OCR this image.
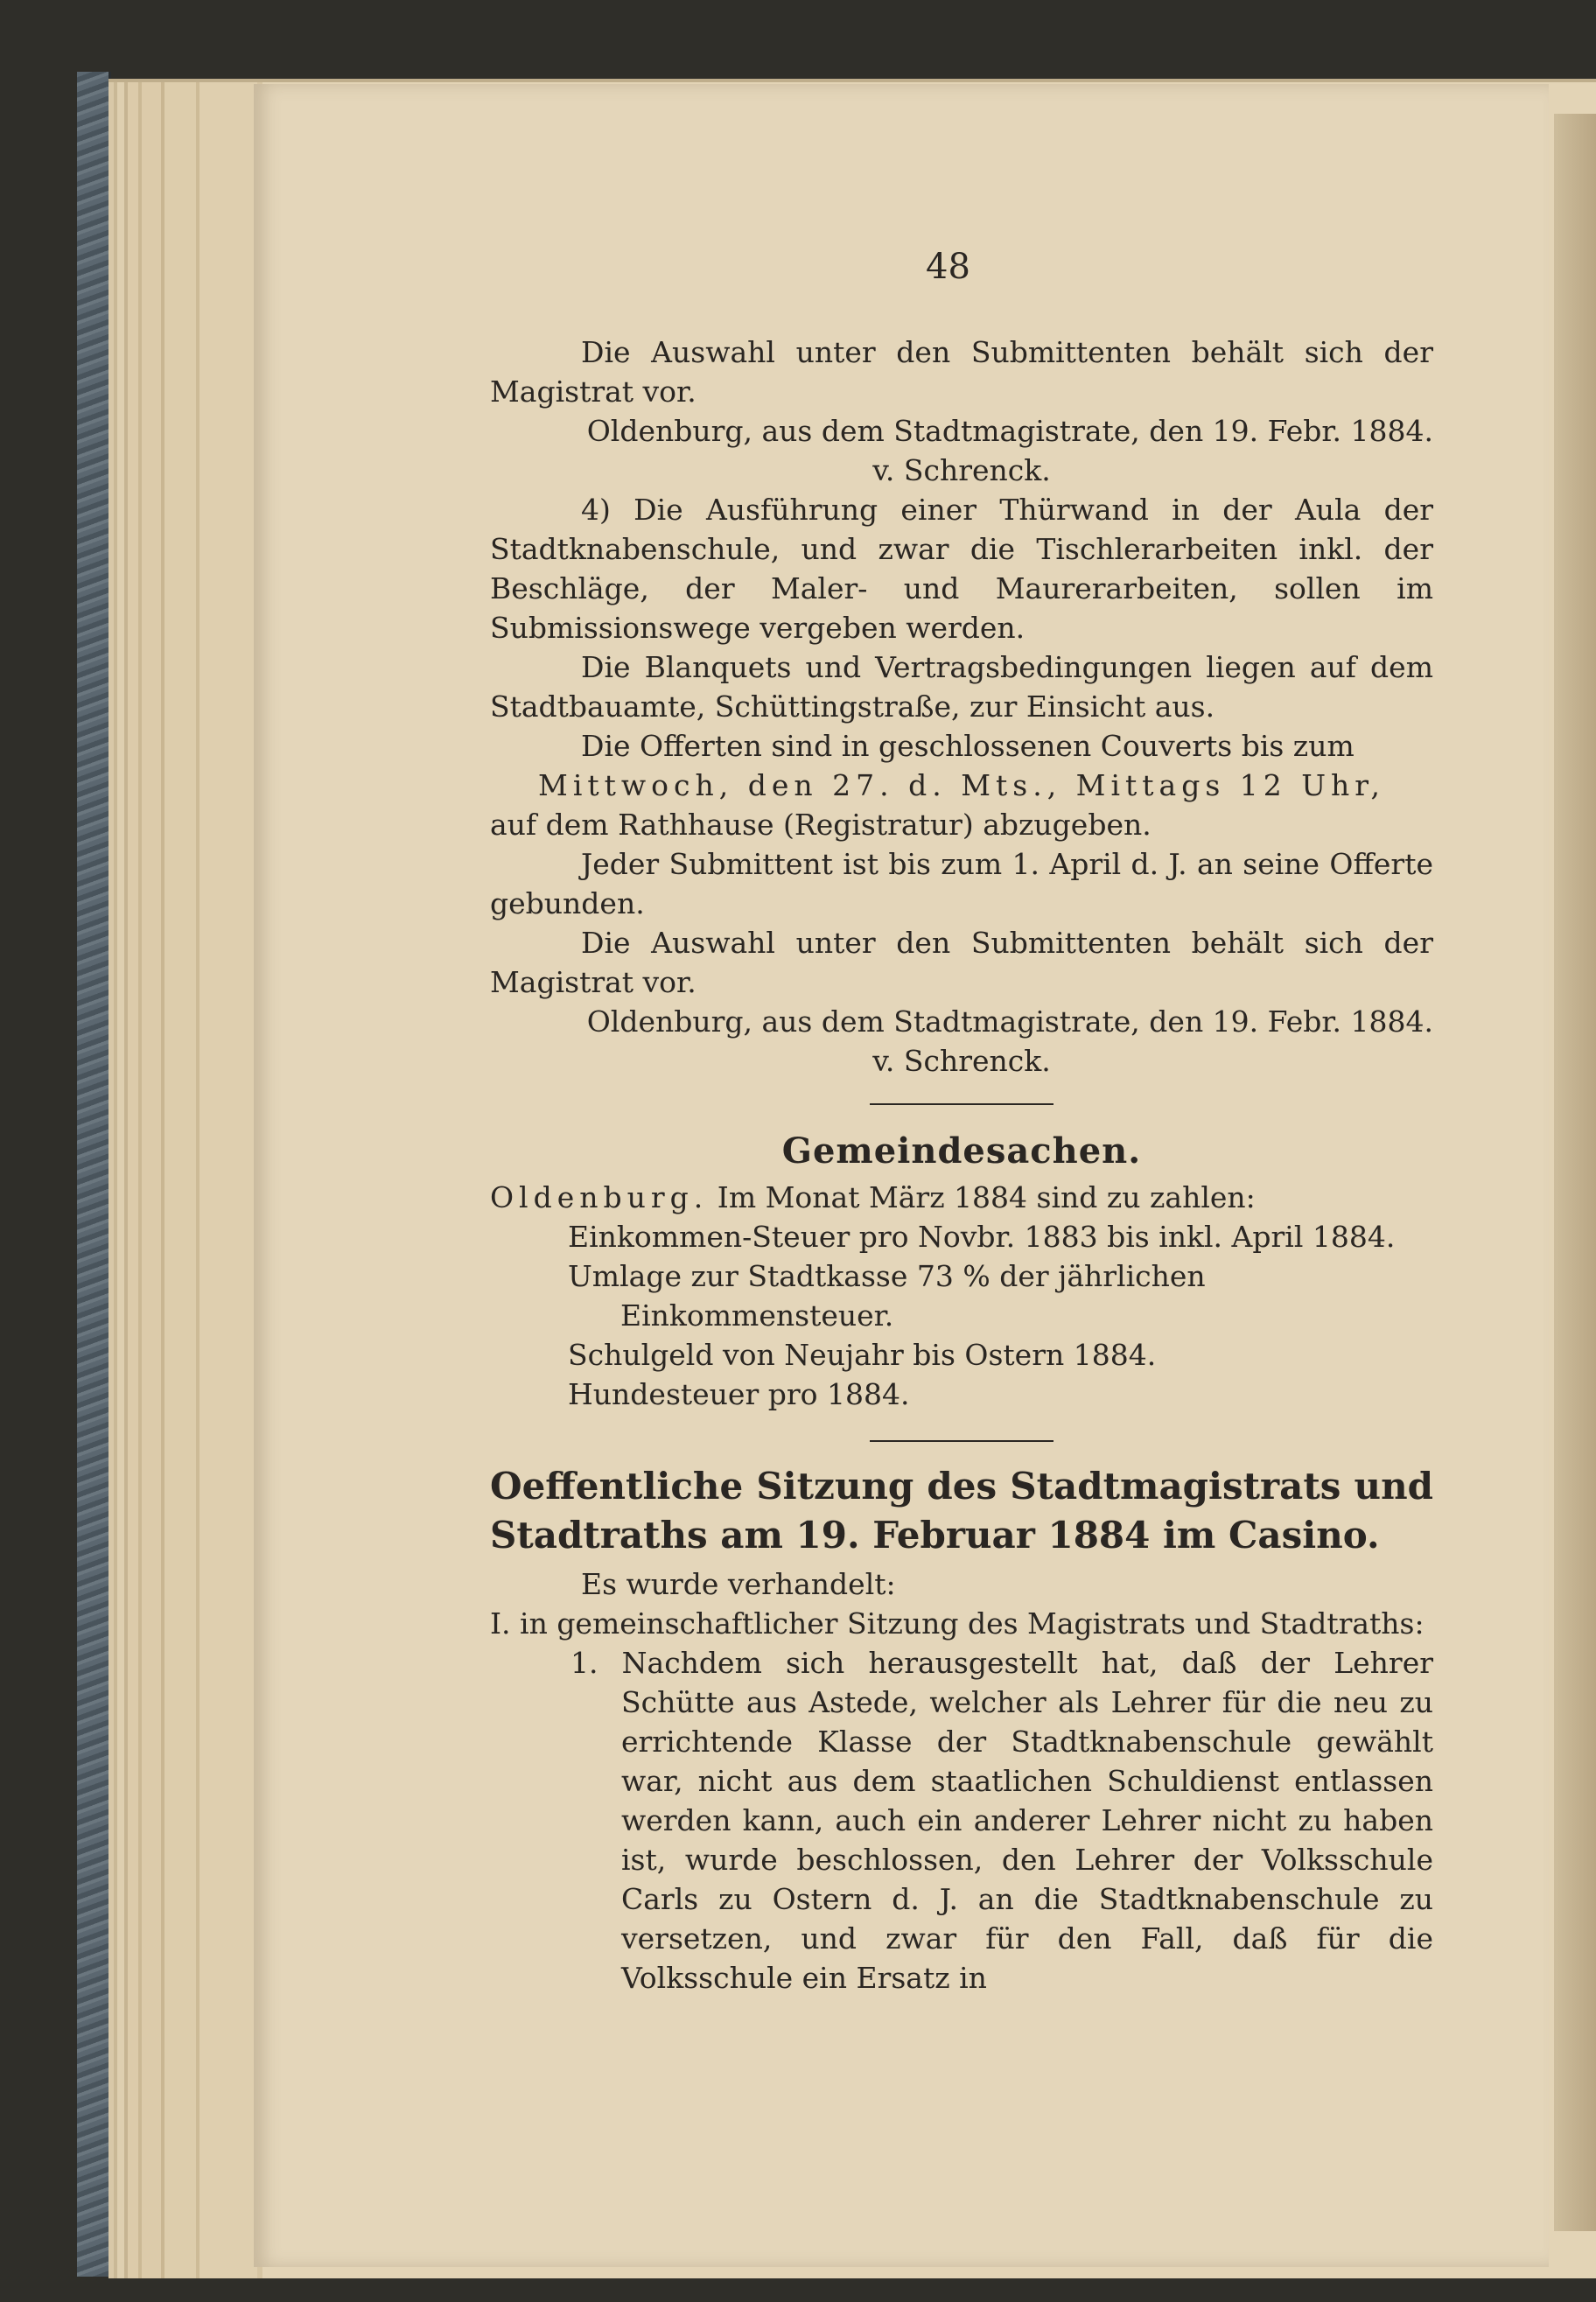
48
Die Auswahl unter den Submittenten behält sich der Magistrat vor.
Oldenburg, aus dem Stadtmagistrate, den 19. Febr. 1884.
v. Schrenck.
4) Die Ausführung einer Thürwand in der Aula der Stadtknabenschule, und zwar die Tischlerarbeiten inkl. der Beschläge, der Maler- und Maurerarbeiten, sollen im Submissionswege vergeben werden.
Die Blanquets und Vertragsbedingungen liegen auf dem Stadtbauamte, Schüttingstraße, zur Einsicht aus.
Die Offerten sind in geschlossenen Couverts bis zum
Mittwoch, den 27. d. Mts., Mittags 12 Uhr,
auf dem Rathhause (Registratur) abzugeben.
Jeder Submittent ist bis zum 1. April d. J. an seine Offerte gebunden.
Die Auswahl unter den Submittenten behält sich der Magistrat vor.
Oldenburg, aus dem Stadtmagistrate, den 19. Febr. 1884.
v. Schrenck.
Gemeindesachen.
Oldenburg. Im Monat März 1884 sind zu zahlen:
Einkommen-Steuer pro Novbr. 1883 bis inkl. April 1884.
Umlage zur Stadtkasse 73 % der jährlichen Einkommensteuer.
Schulgeld von Neujahr bis Ostern 1884.
Hundesteuer pro 1884.
Oeffentliche Sitzung des Stadtmagistrats und
Stadtraths am 19. Februar 1884 im Casino.
Es wurde verhandelt:
I. in gemeinschaftlicher Sitzung des Magistrats und Stadtraths:
1. Nachdem sich herausgestellt hat, daß der Lehrer Schütte aus Astede, welcher als Lehrer für die neu zu errichtende Klasse der Stadtknabenschule gewählt war, nicht aus dem staatlichen Schuldienst entlassen werden kann, auch ein anderer Lehrer nicht zu haben ist, wurde beschlossen, den Lehrer der Volksschule Carls zu Ostern d. J. an die Stadtknabenschule zu versetzen, und zwar für den Fall, daß für die Volksschule ein Ersatz in
